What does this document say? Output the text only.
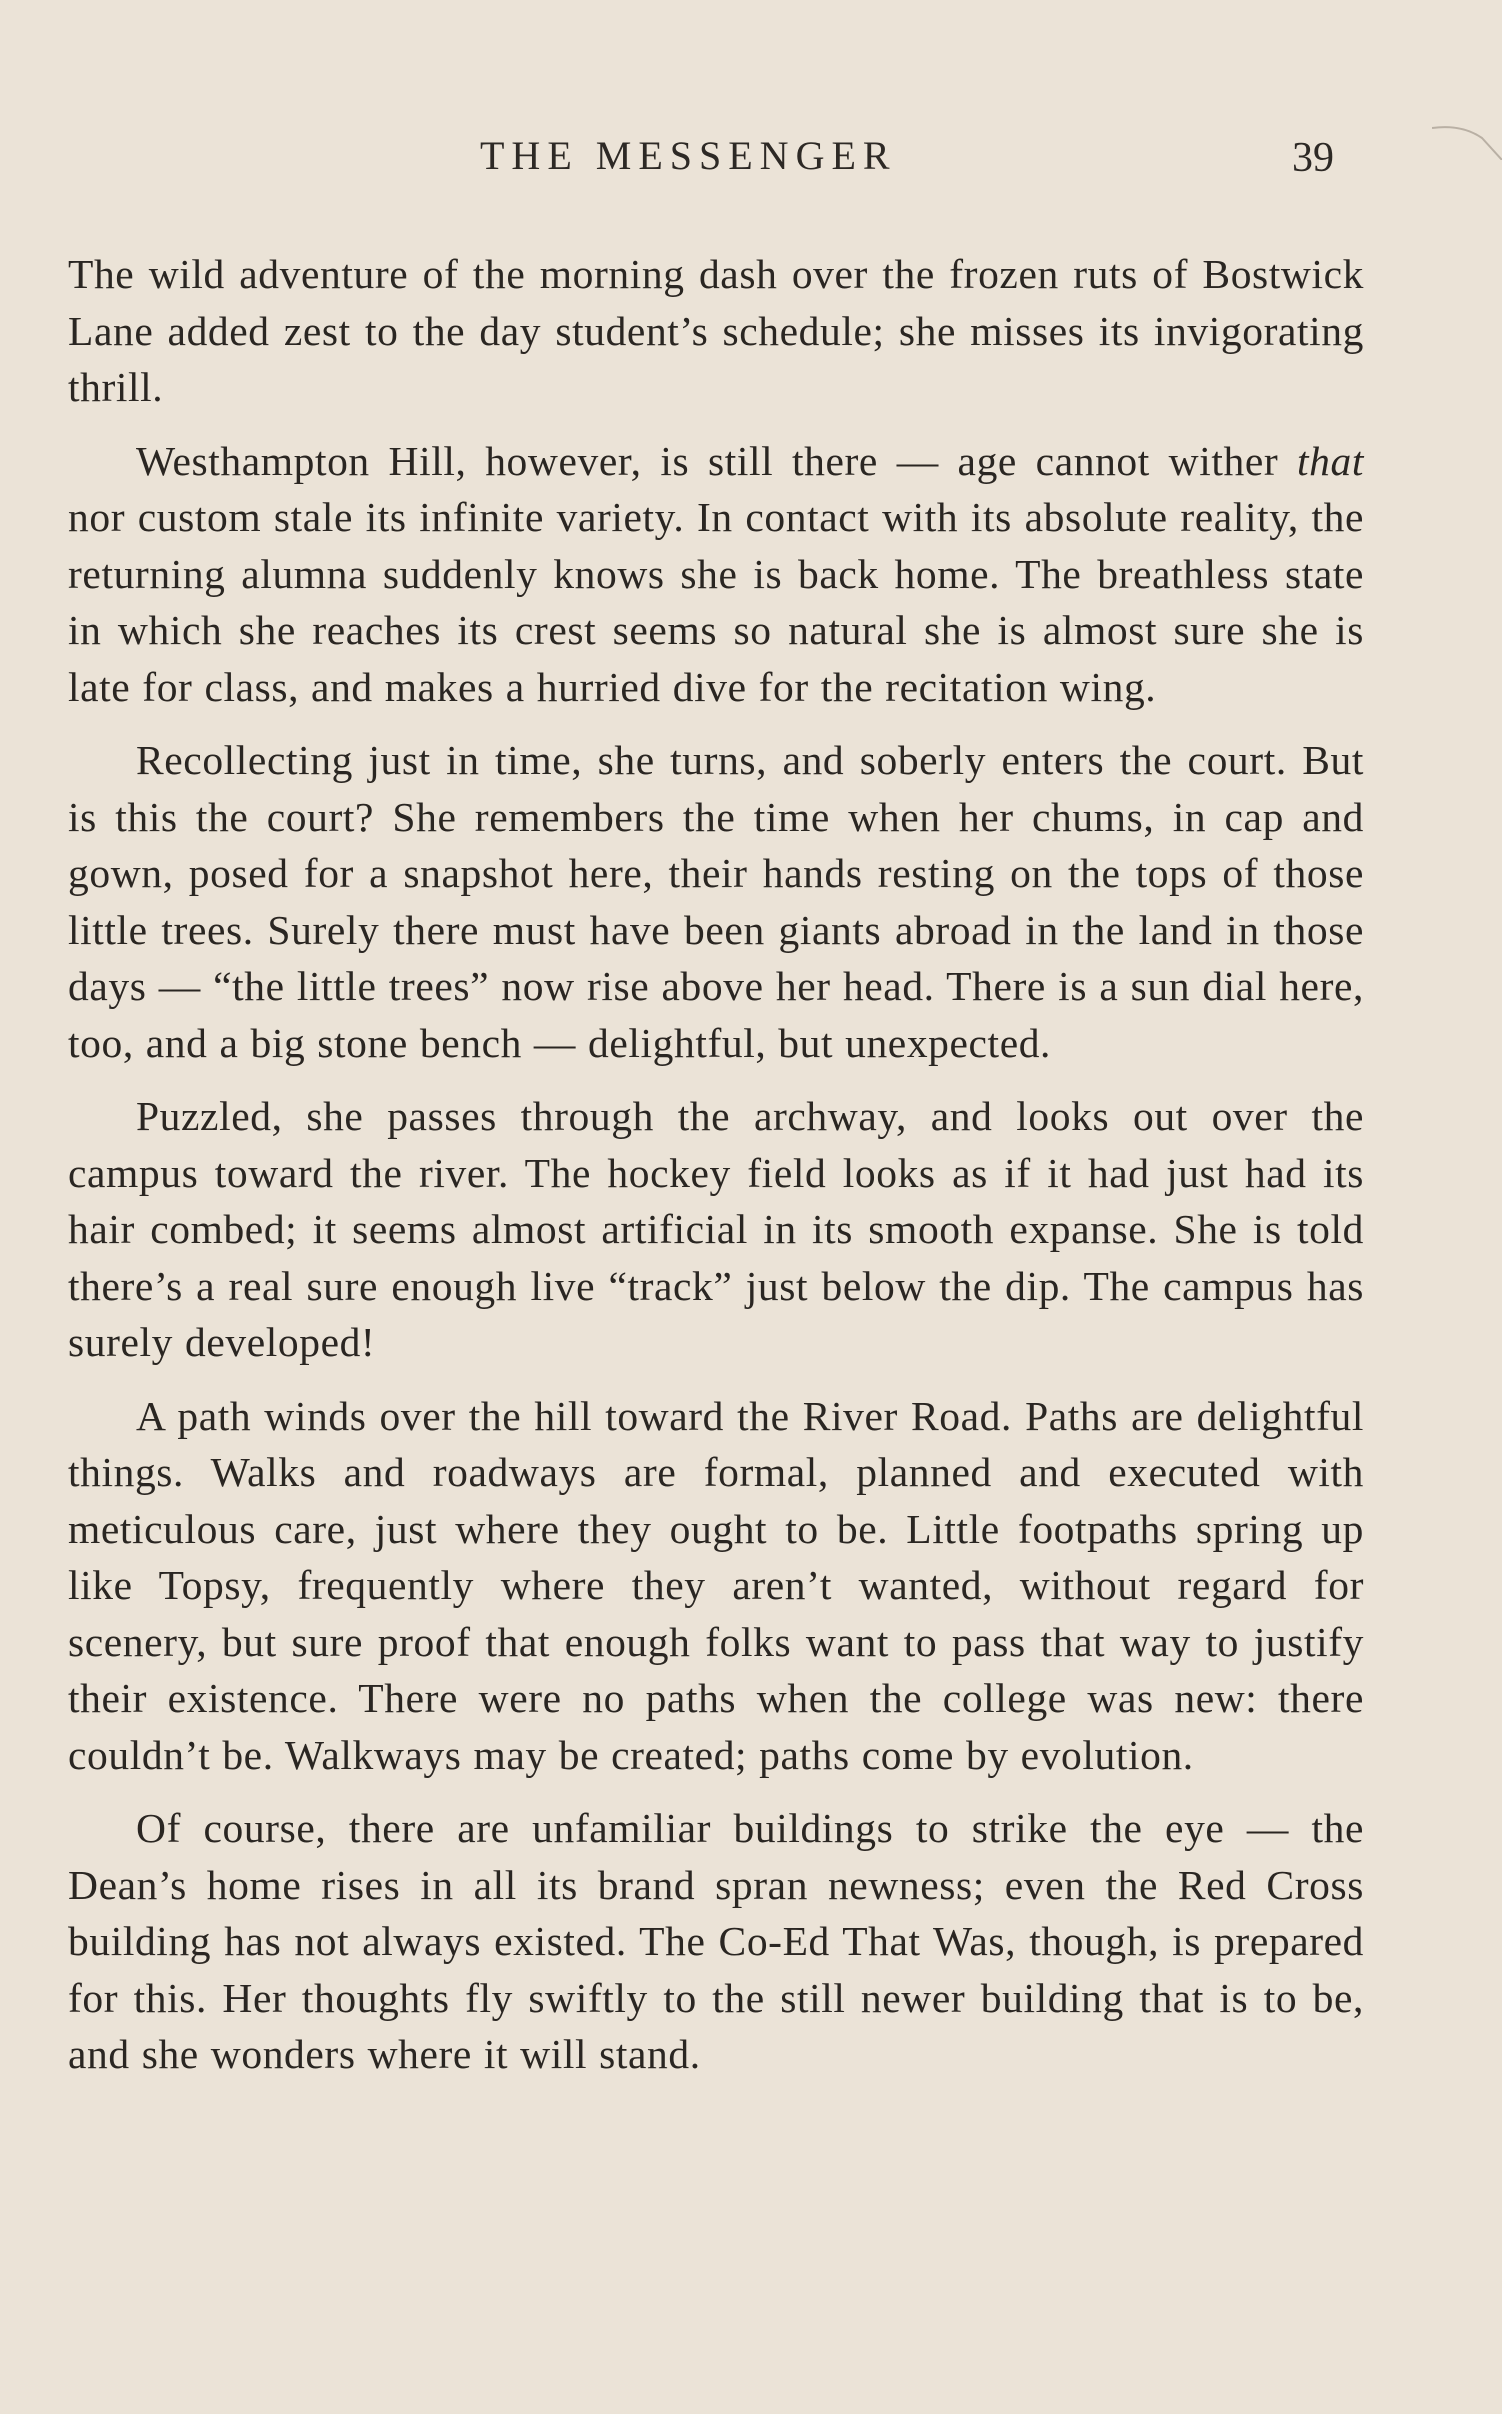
THE MESSENGER	39

The wild adventure of the morning dash over the frozen ruts of Bostwick Lane added zest to the day student’s schedule; she misses its invigorating thrill.

Westhampton Hill, however, is still there — age cannot wither that nor custom stale its infinite variety. In contact with its absolute reality, the returning alumna suddenly knows she is back home. The breathless state in which she reaches its crest seems so natural she is almost sure she is late for class, and makes a hurried dive for the recitation wing.

Recollecting just in time, she turns, and soberly enters the court. But is this the court? She remembers the time when her chums, in cap and gown, posed for a snapshot here, their hands resting on the tops of those little trees. Surely there must have been giants abroad in the land in those days — “the little trees” now rise above her head. There is a sun dial here, too, and a big stone bench — delightful, but unexpected.

Puzzled, she passes through the archway, and looks out over the campus toward the river. The hockey field looks as if it had just had its hair combed; it seems almost artificial in its smooth expanse. She is told there’s a real sure enough live “track” just below the dip. The campus has surely developed!

A path winds over the hill toward the River Road. Paths are delightful things. Walks and roadways are formal, planned and executed with meticulous care, just where they ought to be. Little footpaths spring up like Topsy, frequently where they aren’t wanted, without regard for scenery, but sure proof that enough folks want to pass that way to justify their existence. There were no paths when the college was new: there couldn’t be. Walkways may be created; paths come by evolution.

Of course, there are unfamiliar buildings to strike the eye — the Dean’s home rises in all its brand spran newness; even the Red Cross building has not always existed. The Co-Ed That Was, though, is prepared for this. Her thoughts fly swiftly to the still newer building that is to be, and she wonders where it will stand.
